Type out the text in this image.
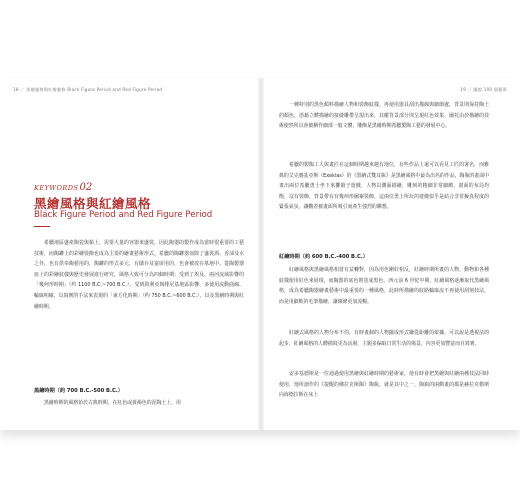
18 ／ 黑繪風格與紅繪風格 Black Figure Period and Red Figure Period	19 ／ 圖說 100 個藝術
KEYWORDS 02
黑繪風格與紅繪風格
Black Figure Period and Red Figure Period

希臘地區盛產陶瓷與黏土，需要大量的容器來盛裝，因此陶器的製作成為當時很重要的工藝技術，而陶罐上的彩繪裝飾也成為主要的繪畫藝術形式。希臘的陶罐器皿除了盛裝酒、香油及水之外，也有供奉陶藝用的，陶罐的形式多元，有儲存及宴席用的，也會被放在墓地中。從陶製器皿上的彩繪紋樣與歷史發展進行研究，風格大致可分為四個時期：受到了埃及、兩河流域影響的「幾何形時期」（约 1100 B.C.~700 B.C.）、受到敘利亞與腓尼基地區影響、多使用流動曲線、輪廓明確、以寫實的手法來表現的「東方化時期」（约 750 B.C.~600 B.C.），以及黑繪時期與紅繪時期。

黑繪時期（約 700 B.C.-500 B.C.）

黑繪時期的風格始於古典時期，在紅色或黃褐色的泥陶土上，用

一種特別的黑色顏料描繪人物和裝飾紋樣，再使用器具刮出描線與細節處，背景則保持陶土的顏色，憑藉立體描繪的接縫雕帶呈現出來，其縱背景部分則呈現紅色效果，圖托由於描繪的技術使然所以會被稱作細部一般文體，雕飾是黑繪時期希臘製陶工藝的發展中心。

希臘的製陶工人與畫匠在這個時期越來越有地位，有些作品上還可以看見工匠的署名，而雅典的艾克賽基亞斯（Exekias）的《黑繪式雙耳瓶》是黑繪風格中最為出名的作品，陶瓶的畫面中畫出兩位希臘勇士坐下來擲骰子遊戲，人物以側面描繪，雕刻的精細非常細緻，畫面的布局均衡，沒有裝飾，背景帶有有幾何形圖案裝飾，這兩位勇士所玩的遊戲似乎是結合非常擬真程度的緊張氣氛，讓觀者被畫面所吸引而產生強烈的聯想。

紅繪時期（約 600 B.C.-400 B.C.）

紅繪風格與黑繪風格相當有益轉對，因為用色剛好相反，紅繪時期所畫的人物、動物和各種紋樣使用紅色來展現，而陶器的底色則塗成黑色。西元前 6 世紀中期，紅繪風格逐漸取代黑繪風格，成為希臘陶器繪畫藝術中最重要的一種風格，此時所描繪的紋路輪廓流不再使用刮刻技法，而是用細軟的毛筆描繪，讓線條更加流暢。

紅繪式風格的人物分布不均，有時畫個的人物擺成形式嫌從距離的依據，可以說是透視法的起步，紅繪風格的人體描寫更為活潑，主題多偏取日常生活的場景，內容更加豐富而且寫實。

安多基德斯是一位通過使用黑繪與紅繪時期的藝術家，他有時會把黑繪與紅繪兩種技法同時使用，他所創作的《提醒的佛拉克斯陶》陶瓶，就是其中之一，陶瓶的兩側畫的都是赫拉克勒斯向海德拉斯在床上
